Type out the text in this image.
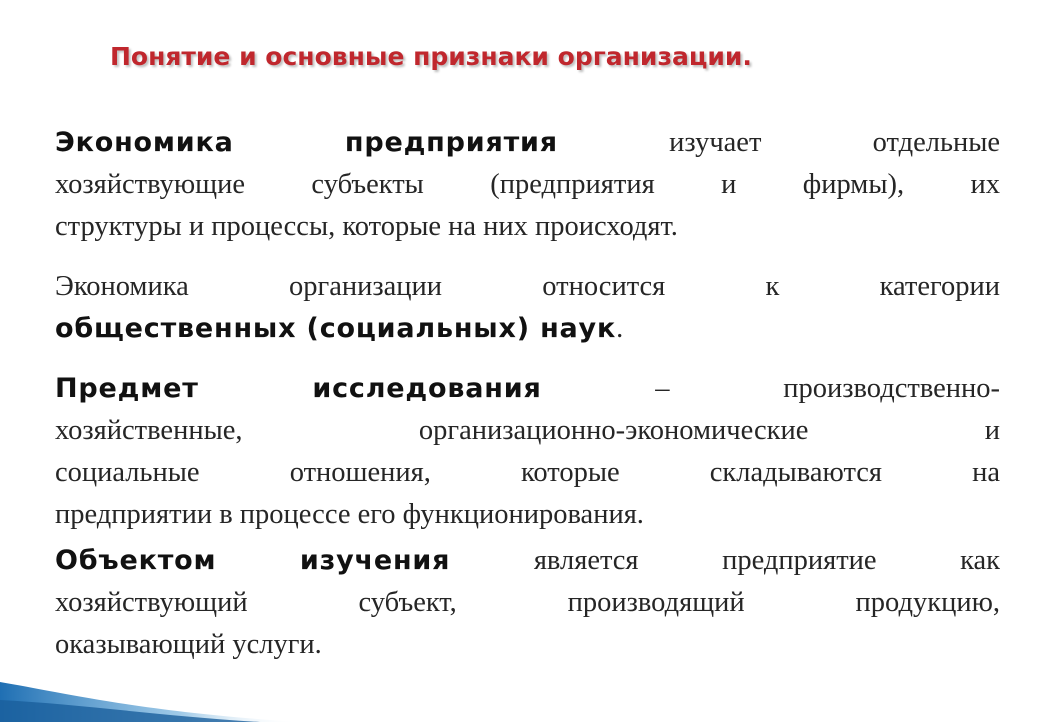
Понятие и основные признаки организации.
Экономика	предприятия	изучает	отдельные
хозяйствующие субъекты (предприятия и фирмы), их
структуры и процессы, которые на них происходят.
Экономика	организации	относится	к	категории
общественных (социальных) наук.
Предмет	исследования	–	производственно-
хозяйственные,	организационно-экономические	и
социальные	отношения,	которые	складываются	на
предприятии в процессе его функционирования.
Объектом	изучения	является	предприятие	как
хозяйствующий	субъект,	производящий	продукцию,
оказывающий услуги.
